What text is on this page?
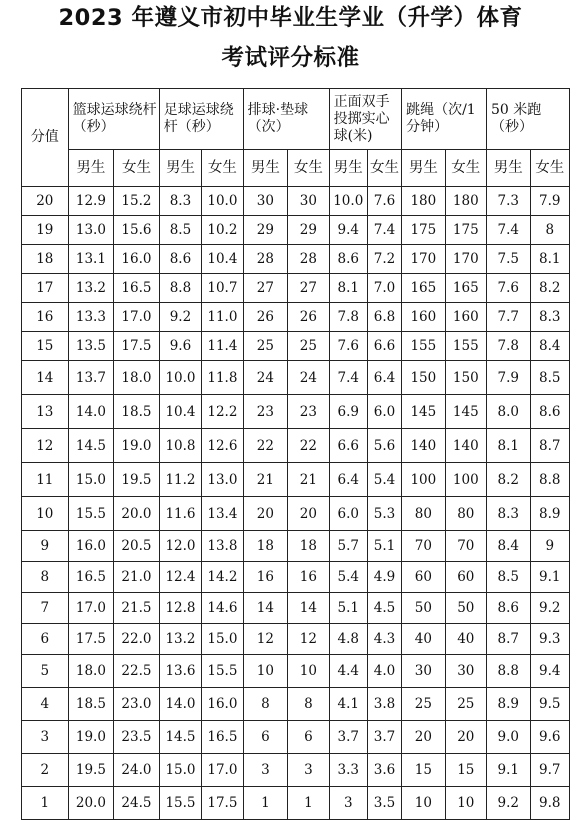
2023 年遵义市初中毕业生学业（升学）体育
考试评分标准
分值	篮球运球绕杆（秒）		足球运球绕杆（秒）		排球·垫球（次）		正面双手投掷实心球(米)		跳绳（次/1分钟）		50 米跑（秒）	
	男生	女生	男生	女生	男生	女生	男生	女生	男生	女生	男生	女生
20	12.9	15.2	8.3	10.0	30	30	10.0	7.6	180	180	7.3	7.9
19	13.0	15.6	8.5	10.2	29	29	9.4	7.4	175	175	7.4	8
18	13.1	16.0	8.6	10.4	28	28	8.6	7.2	170	170	7.5	8.1
17	13.2	16.5	8.8	10.7	27	27	8.1	7.0	165	165	7.6	8.2
16	13.3	17.0	9.2	11.0	26	26	7.8	6.8	160	160	7.7	8.3
15	13.5	17.5	9.6	11.4	25	25	7.6	6.6	155	155	7.8	8.4
14	13.7	18.0	10.0	11.8	24	24	7.4	6.4	150	150	7.9	8.5
13	14.0	18.5	10.4	12.2	23	23	6.9	6.0	145	145	8.0	8.6
12	14.5	19.0	10.8	12.6	22	22	6.6	5.6	140	140	8.1	8.7
11	15.0	19.5	11.2	13.0	21	21	6.4	5.4	100	100	8.2	8.8
10	15.5	20.0	11.6	13.4	20	20	6.0	5.3	80	80	8.3	8.9
9	16.0	20.5	12.0	13.8	18	18	5.7	5.1	70	70	8.4	9
8	16.5	21.0	12.4	14.2	16	16	5.4	4.9	60	60	8.5	9.1
7	17.0	21.5	12.8	14.6	14	14	5.1	4.5	50	50	8.6	9.2
6	17.5	22.0	13.2	15.0	12	12	4.8	4.3	40	40	8.7	9.3
5	18.0	22.5	13.6	15.5	10	10	4.4	4.0	30	30	8.8	9.4
4	18.5	23.0	14.0	16.0	8	8	4.1	3.8	25	25	8.9	9.5
3	19.0	23.5	14.5	16.5	6	6	3.7	3.7	20	20	9.0	9.6
2	19.5	24.0	15.0	17.0	3	3	3.3	3.6	15	15	9.1	9.7
1	20.0	24.5	15.5	17.5	1	1	3	3.5	10	10	9.2	9.8
